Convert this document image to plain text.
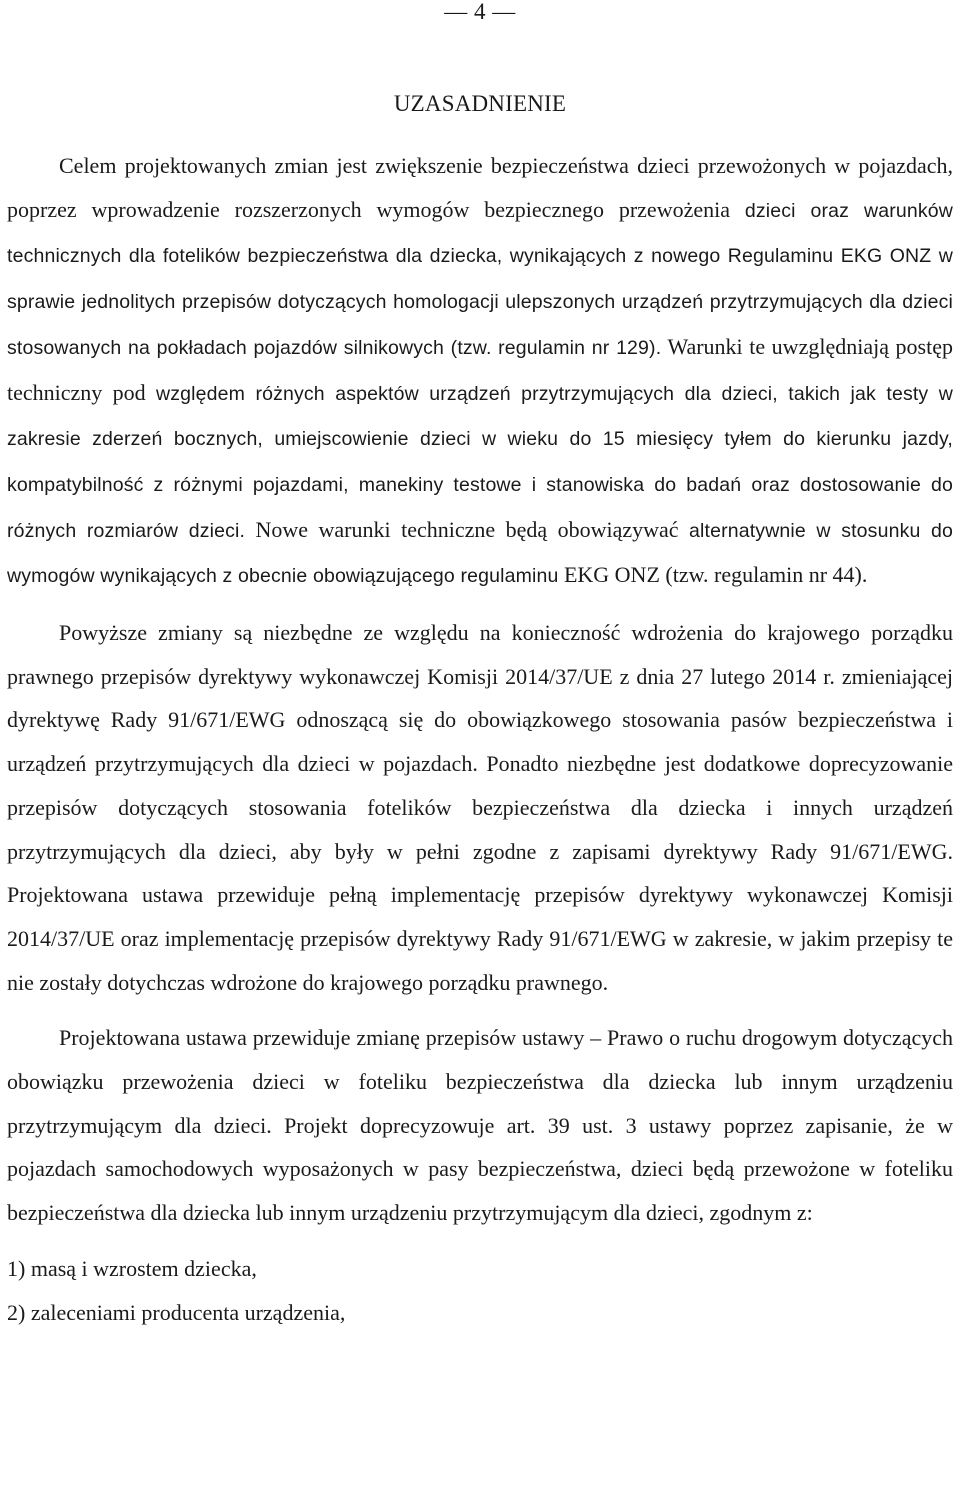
— 4 —
UZASADNIENIE

Celem projektowanych zmian jest zwiększenie bezpieczeństwa dzieci przewożonych w pojazdach, poprzez wprowadzenie rozszerzonych wymogów bezpiecznego przewożenia dzieci oraz warunków technicznych dla fotelików bezpieczeństwa dla dziecka, wynikających z nowego Regulaminu EKG ONZ w sprawie jednolitych przepisów dotyczących homologacji ulepszonych urządzeń przytrzymujących dla dzieci stosowanych na pokładach pojazdów silnikowych (tzw. regulamin nr 129). Warunki te uwzględniają postęp techniczny pod względem różnych aspektów urządzeń przytrzymujących dla dzieci, takich jak testy w zakresie zderzeń bocznych, umiejscowienie dzieci w wieku do 15 miesięcy tyłem do kierunku jazdy, kompatybilność z różnymi pojazdami, manekiny testowe i stanowiska do badań oraz dostosowanie do różnych rozmiarów dzieci. Nowe warunki techniczne będą obowiązywać alternatywnie w stosunku do wymogów wynikających z obecnie obowiązującego regulaminu EKG ONZ (tzw. regulamin nr 44).

Powyższe zmiany są niezbędne ze względu na konieczność wdrożenia do krajowego porządku prawnego przepisów dyrektywy wykonawczej Komisji 2014/37/UE z dnia 27 lutego 2014 r. zmieniającej dyrektywę Rady 91/671/EWG odnoszącą się do obowiązkowego stosowania pasów bezpieczeństwa i urządzeń przytrzymujących dla dzieci w pojazdach. Ponadto niezbędne jest dodatkowe doprecyzowanie przepisów dotyczących stosowania fotelików bezpieczeństwa dla dziecka i innych urządzeń przytrzymujących dla dzieci, aby były w pełni zgodne z zapisami dyrektywy Rady 91/671/EWG. Projektowana ustawa przewiduje pełną implementację przepisów dyrektywy wykonawczej Komisji 2014/37/UE oraz implementację przepisów dyrektywy Rady 91/671/EWG w zakresie, w jakim przepisy te nie zostały dotychczas wdrożone do krajowego porządku prawnego.

Projektowana ustawa przewiduje zmianę przepisów ustawy – Prawo o ruchu drogowym dotyczących obowiązku przewożenia dzieci w foteliku bezpieczeństwa dla dziecka lub innym urządzeniu przytrzymującym dla dzieci. Projekt doprecyzowuje art. 39 ust. 3 ustawy poprzez zapisanie, że w pojazdach samochodowych wyposażonych w pasy bezpieczeństwa, dzieci będą przewożone w foteliku bezpieczeństwa dla dziecka lub innym urządzeniu przytrzymującym dla dzieci, zgodnym z:

1) masą i wzrostem dziecka,
2) zaleceniami producenta urządzenia,
